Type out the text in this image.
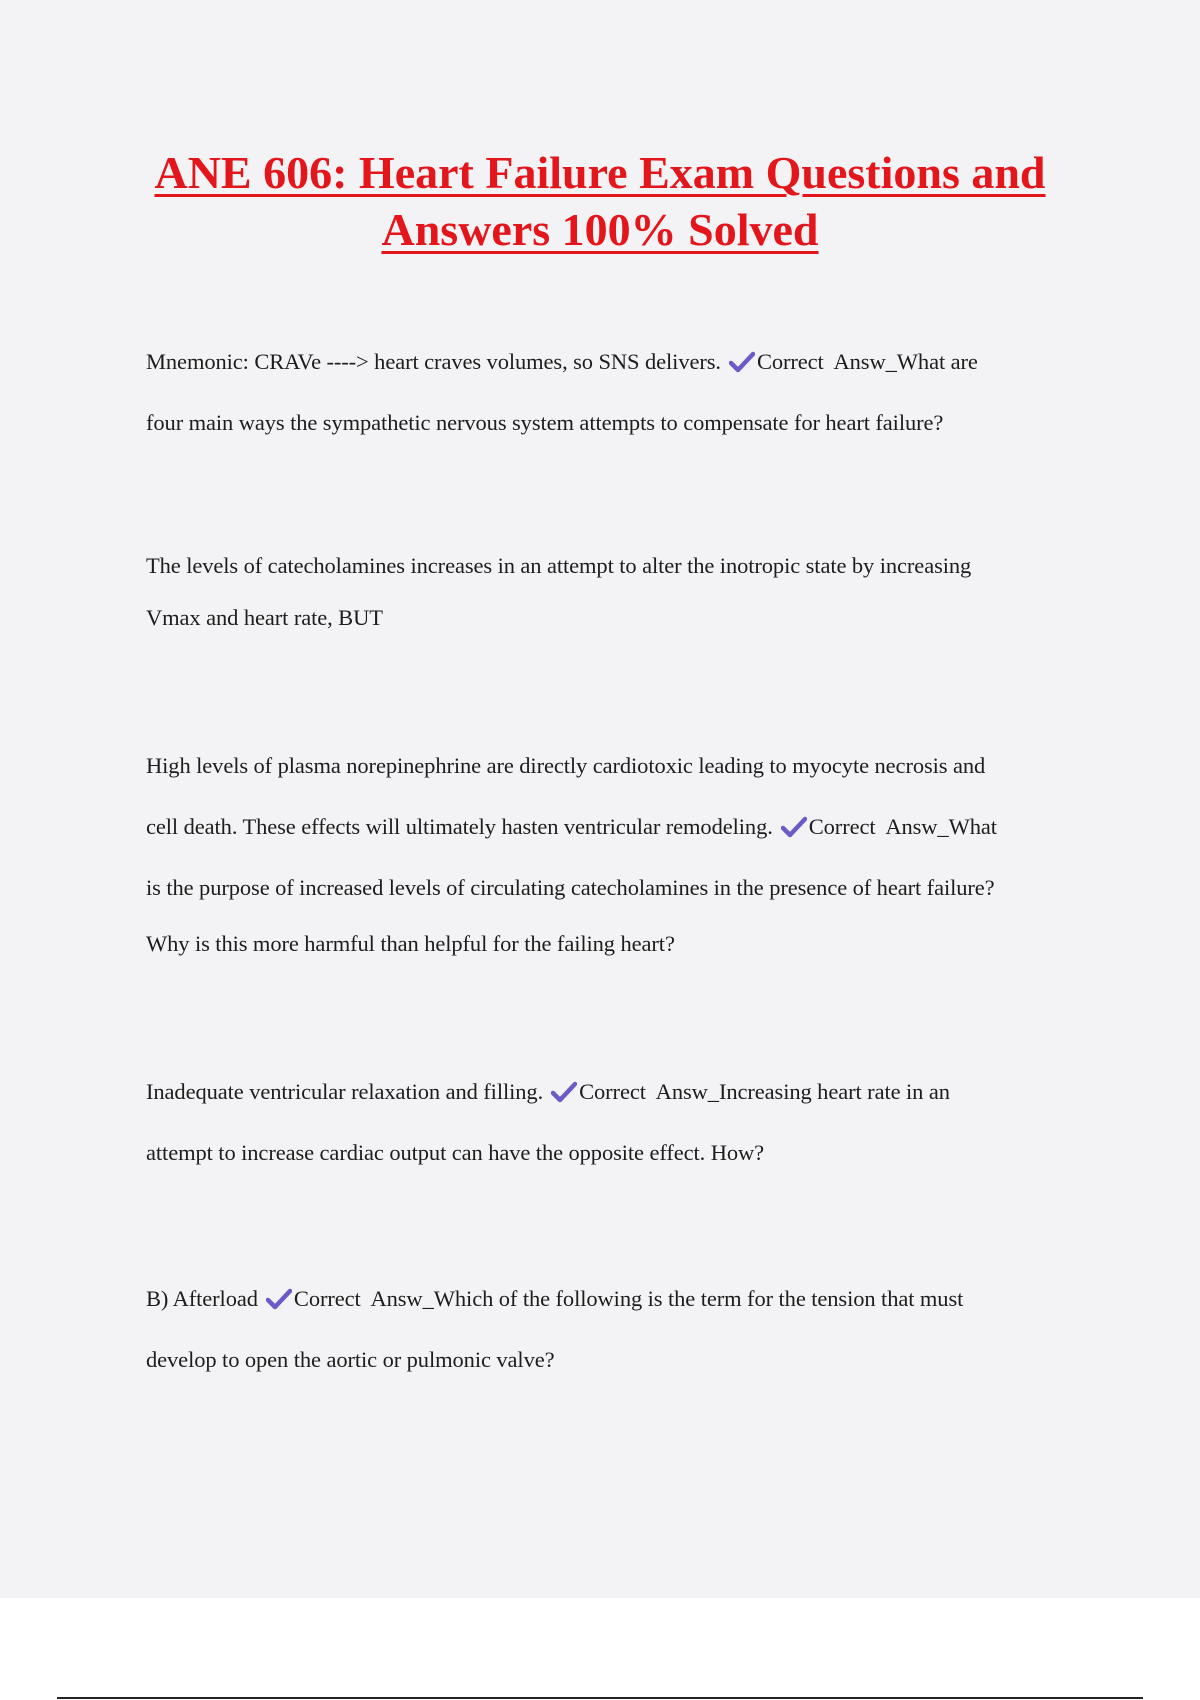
ANE 606: Heart Failure Exam Questions and
Answers 100% Solved

Mnemonic: CRAVe ----> heart craves volumes, so SNS delivers. Correct  Answ_What are
four main ways the sympathetic nervous system attempts to compensate for heart failure?

The levels of catecholamines increases in an attempt to alter the inotropic state by increasing
Vmax and heart rate, BUT

High levels of plasma norepinephrine are directly cardiotoxic leading to myocyte necrosis and
cell death. These effects will ultimately hasten ventricular remodeling. Correct  Answ_What
is the purpose of increased levels of circulating catecholamines in the presence of heart failure?
Why is this more harmful than helpful for the failing heart?

Inadequate ventricular relaxation and filling. Correct  Answ_Increasing heart rate in an
attempt to increase cardiac output can have the opposite effect. How?

B) Afterload Correct  Answ_Which of the following is the term for the tension that must
develop to open the aortic or pulmonic valve?
